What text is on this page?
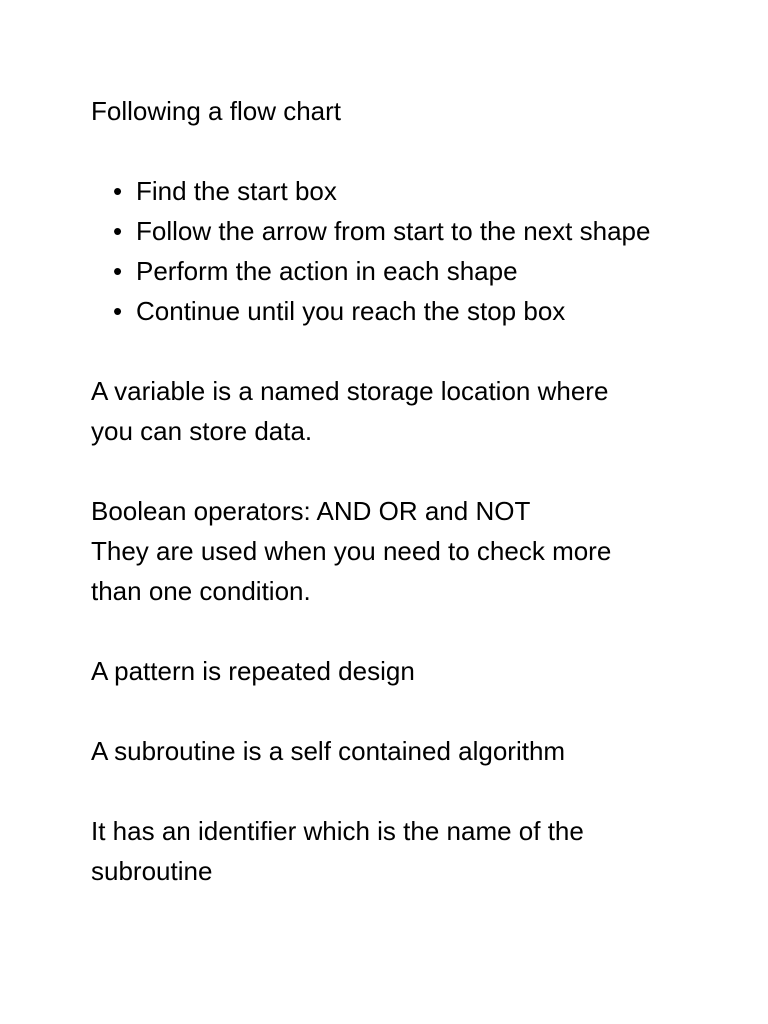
Following a flow chart

• Find the start box
• Follow the arrow from start to the next shape
• Perform the action in each shape
• Continue until you reach the stop box

A variable is a named storage location where

you can store data.

Boolean operators: AND OR and NOT

They are used when you need to check more

than one condition.

A pattern is repeated design

A subroutine is a self contained algorithm

It has an identifier which is the name of the

subroutine
